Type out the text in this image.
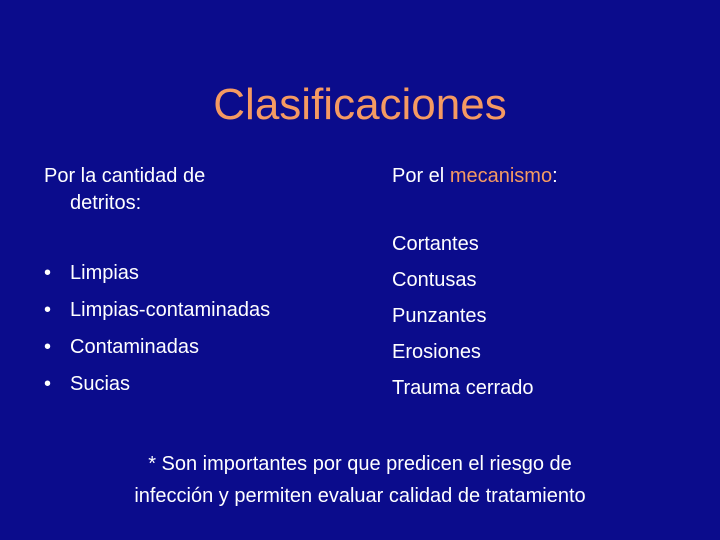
Clasificaciones
Por la cantidad de
detritos:
• Limpias
• Limpias-contaminadas
• Contaminadas
• Sucias
Por el mecanismo:
Cortantes
Contusas
Punzantes
Erosiones
Trauma cerrado
* Son importantes por que predicen el riesgo de
infección y permiten evaluar calidad de tratamiento
